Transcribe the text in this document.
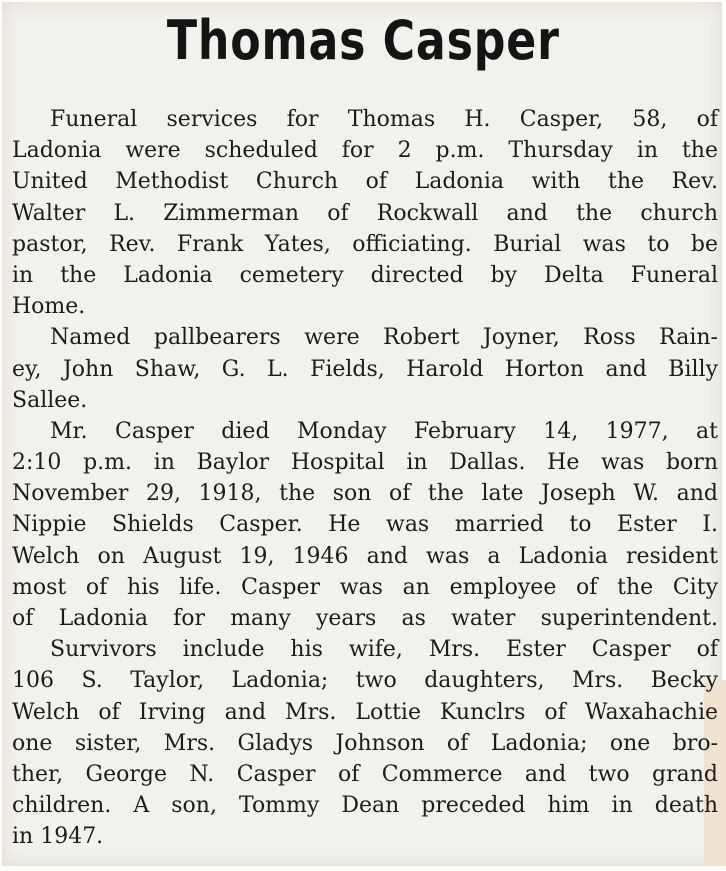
Thomas Casper
Funeral services for Thomas H. Casper, 58, of
Ladonia were scheduled for 2 p.m. Thursday in the
United Methodist Church of Ladonia with the Rev.
Walter L. Zimmerman of Rockwall and the church
pastor, Rev. Frank Yates, officiating. Burial was to be
in the Ladonia cemetery directed by Delta Funeral
Home.
Named pallbearers were Robert Joyner, Ross Rain-
ey, John Shaw, G. L. Fields, Harold Horton and Billy
Sallee.
Mr. Casper died Monday February 14, 1977, at
2:10 p.m. in Baylor Hospital in Dallas. He was born
November 29, 1918, the son of the late Joseph W. and
Nippie Shields Casper. He was married to Ester I.
Welch on August 19, 1946 and was a Ladonia resident
most of his life. Casper was an employee of the City
of Ladonia for many years as water superintendent.
Survivors include his wife, Mrs. Ester Casper of
106 S. Taylor, Ladonia; two daughters, Mrs. Becky
Welch of Irving and Mrs. Lottie Kunclrs of Waxahachie
one sister, Mrs. Gladys Johnson of Ladonia; one bro-
ther, George N. Casper of Commerce and two grand
children. A son, Tommy Dean preceded him in death
in 1947.
